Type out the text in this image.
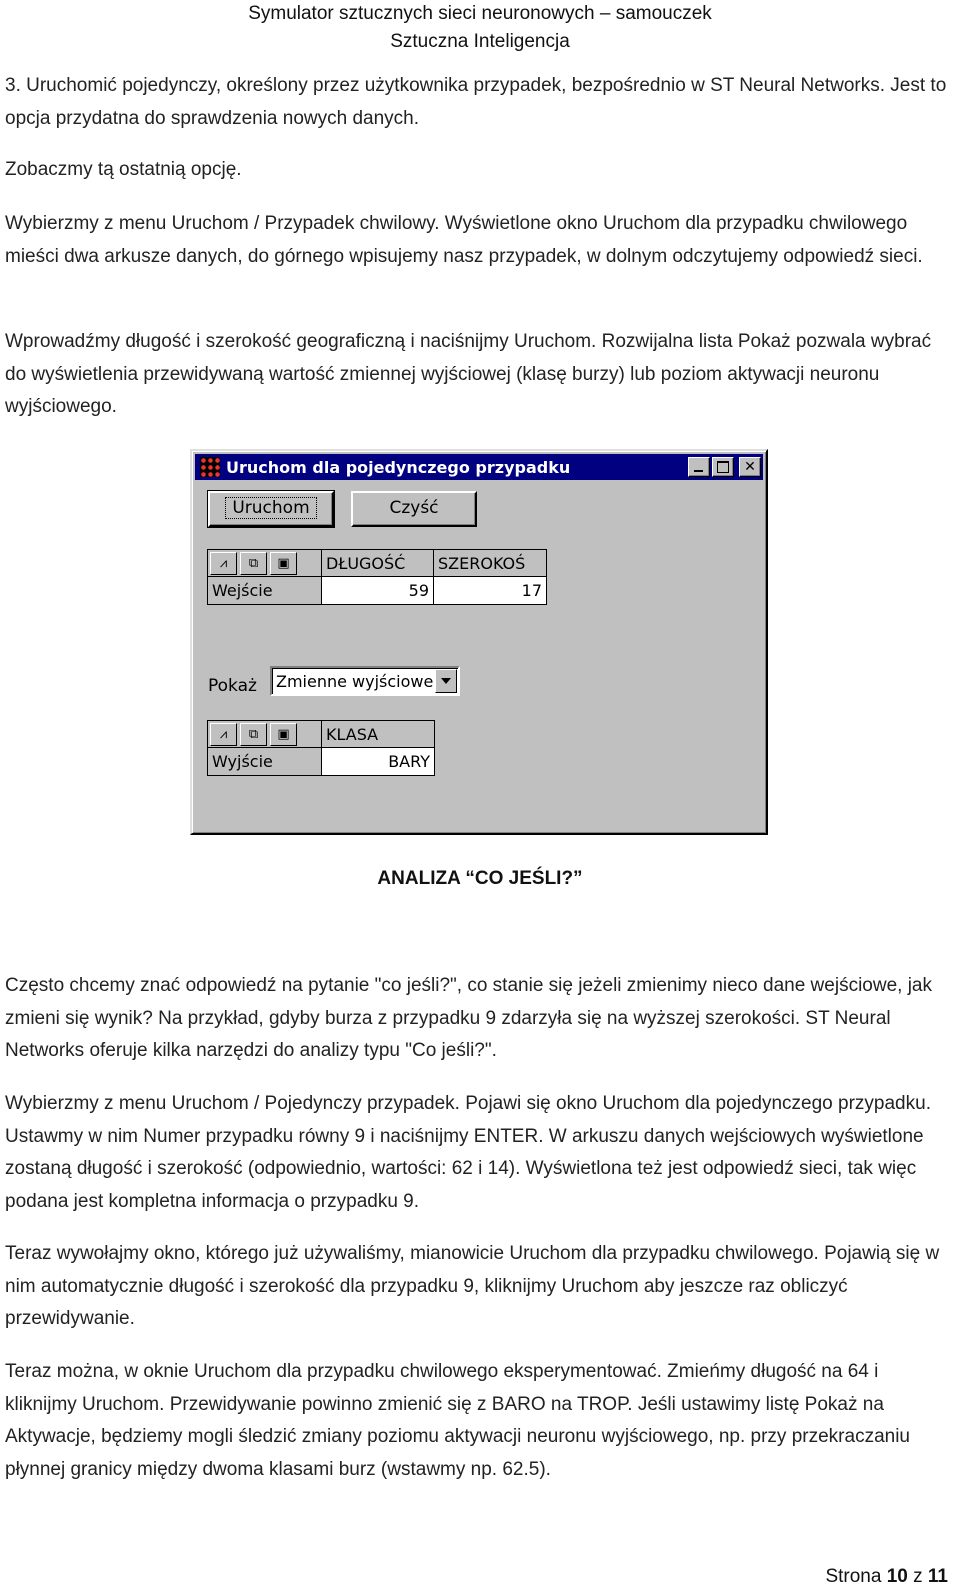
Symulator sztucznych sieci neuronowych – samouczek
Sztuczna Inteligencja

3. Uruchomić pojedynczy, określony przez użytkownika przypadek, bezpośrednio w ST Neural Networks. Jest to opcja przydatna do sprawdzenia nowych danych.

Zobaczmy tą ostatnią opcję.

Wybierzmy z menu Uruchom / Przypadek chwilowy. Wyświetlone okno Uruchom dla przypadku chwilowego mieści dwa arkusze danych, do górnego wpisujemy nasz przypadek, w dolnym odczytujemy odpowiedź sieci.

Wprowadźmy długość i szerokość geograficzną i naciśnijmy Uruchom. Rozwijalna lista Pokaż pozwala wybrać do wyświetlenia przewidywaną wartość zmiennej wyjściowej (klasę burzy) lub poziom aktywacji neuronu wyjściowego.

Uruchom dla pojedynczego przypadku	✕
Uruchom	Czyść
⩘	⧉	▣	DŁUGOŚĆ	SZEROKOŚ
Wejście	59	17
Pokaż Zmienne wyjściowe
⩘	⧉	▣	KLASA
Wyjście	BARY
ANALIZA “CO JEŚLI?”

Często chcemy znać odpowiedź na pytanie "co jeśli?", co stanie się jeżeli zmienimy nieco dane wejściowe, jak zmieni się wynik? Na przykład, gdyby burza z przypadku 9 zdarzyła się na wyższej szerokości. ST Neural Networks oferuje kilka narzędzi do analizy typu "Co jeśli?".

Wybierzmy z menu Uruchom / Pojedynczy przypadek. Pojawi się okno Uruchom dla pojedynczego przypadku. Ustawmy w nim Numer przypadku równy 9 i naciśnijmy ENTER. W arkuszu danych wejściowych wyświetlone zostaną długość i szerokość (odpowiednio, wartości: 62 i 14). Wyświetlona też jest odpowiedź sieci, tak więc podana jest kompletna informacja o przypadku 9.

Teraz wywołajmy okno, którego już używaliśmy, mianowicie Uruchom dla przypadku chwilowego. Pojawią się w nim automatycznie długość i szerokość dla przypadku 9, kliknijmy Uruchom aby jeszcze raz obliczyć przewidywanie.

Teraz można, w oknie Uruchom dla przypadku chwilowego eksperymentować. Zmieńmy długość na 64 i kliknijmy Uruchom. Przewidywanie powinno zmienić się z BARO na TROP. Jeśli ustawimy listę Pokaż na Aktywacje, będziemy mogli śledzić zmiany poziomu aktywacji neuronu wyjściowego, np. przy przekraczaniu płynnej granicy między dwoma klasami burz (wstawmy np. 62.5).

Strona 10 z 11
